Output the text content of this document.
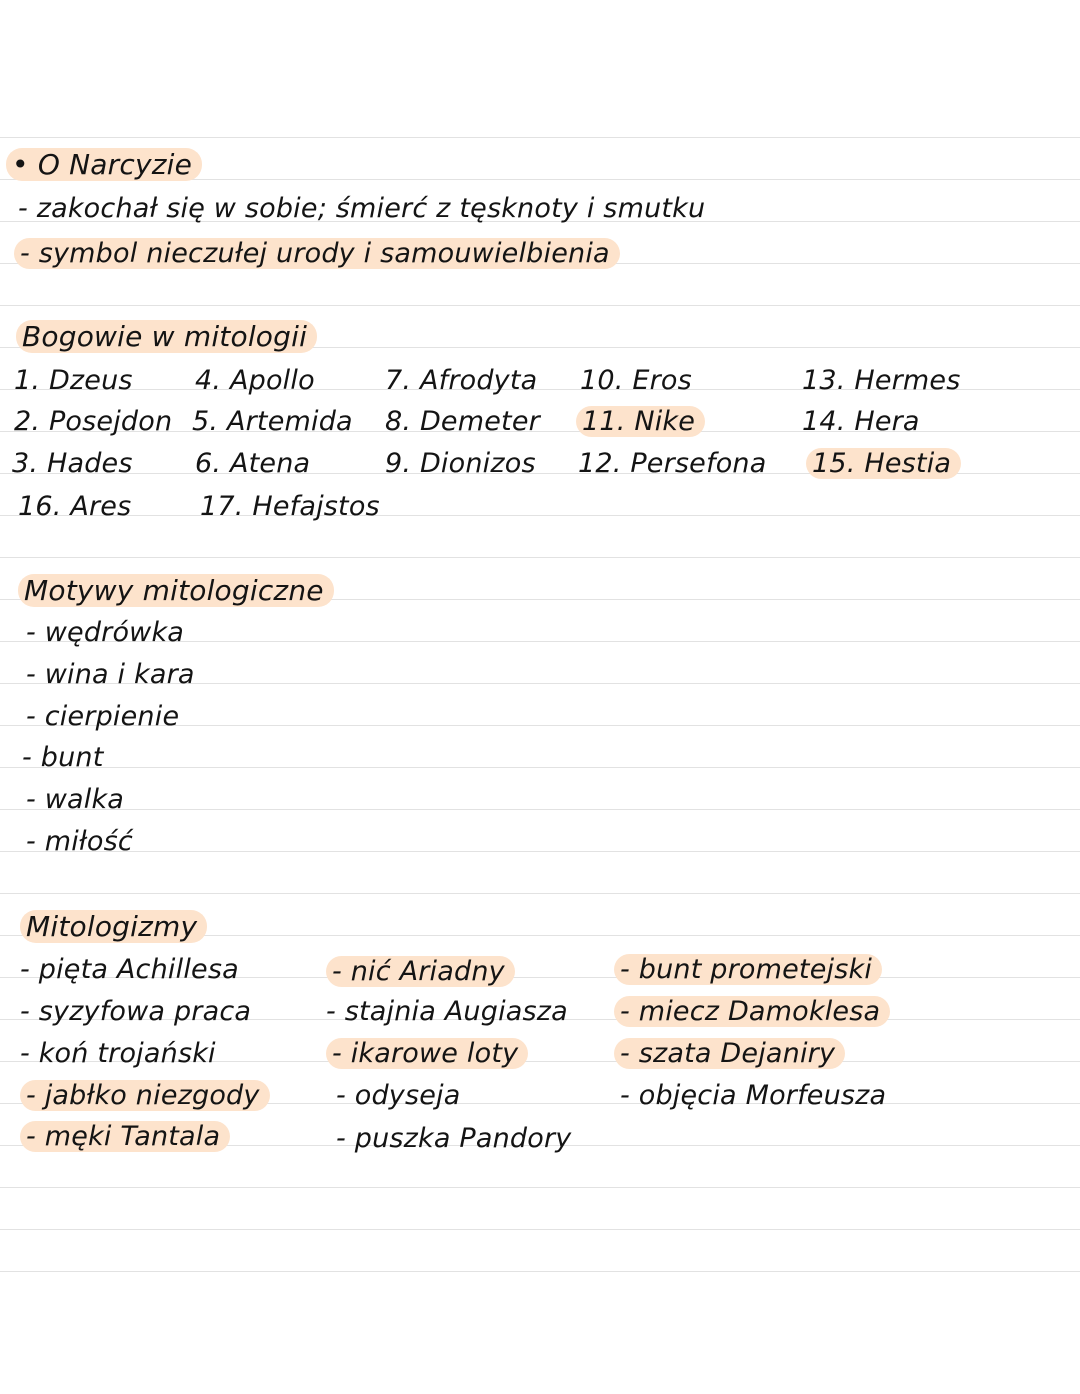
• O Narcyzie
- zakochał się w sobie; śmierć z tęsknoty i smutku
- symbol nieczułej urody i samouwielbienia
Bogowie w mitologii
1. Dzeus
2. Posejdon
3. Hades
16. Ares
4. Apollo
5. Artemida
6. Atena
17. Hefajstos
7. Afrodyta
8. Demeter
9. Dionizos
10. Eros
11. Nike
12. Persefona
13. Hermes
14. Hera
15. Hestia
Motywy mitologiczne
- wędrówka
- wina i kara
- cierpienie
- bunt
- walka
- miłość
Mitologizmy
- pięta Achillesa
- syzyfowa praca
- koń trojański
- jabłko niezgody
- męki Tantala
- nić Ariadny
- stajnia Augiasza
- ikarowe loty
- odyseja
- puszka Pandory
- bunt prometejski
- miecz Damoklesa
- szata Dejaniry
- objęcia Morfeusza
